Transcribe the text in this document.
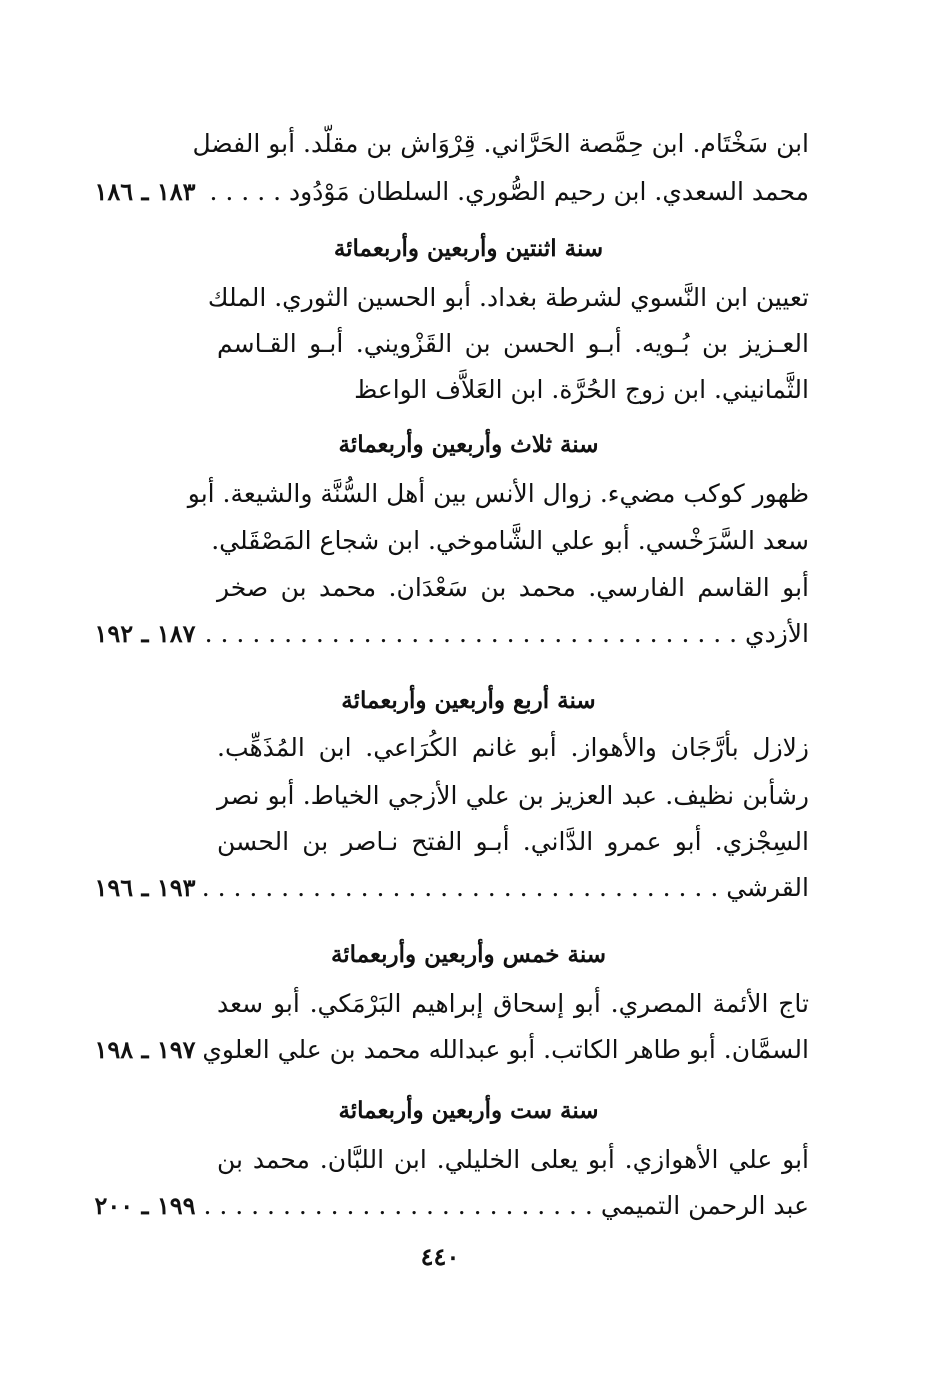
ابن سَخْتَام. ابن حِمَّصة الحَرَّاني. قِرْوَاش بن مقلّد. أبو الفضل
محمد السعدي. ابن رحيم الصُّوري. السلطان مَوْدُود . . . . .
١٨٣ ـ ١٨٦
سنة اثنتين وأربعين وأربعمائة
تعيين ابن النَّسوي لشرطة بغداد. أبو الحسين الثوري. الملك
العـزيز بن بُـويه. أبـو الحسن بن القَزْويني. أبـو القـاسم
الثَّمانيني. ابن زوج الحُرَّة. ابن العَلاَّف الواعظ
سنة ثلاث وأربعين وأربعمائة
ظهور كوكب مضيء. زوال الأنس بين أهل السُّنَّة والشيعة. أبو
سعد السَّرَخْسي. أبو علي الشَّاموخي. ابن شجاع المَصْقَلي.
أبو القاسم الفارسي. محمد بن سَعْدَان. محمد بن صخر
الأزدي . . . . . . . . . . . . . . . . . . . . . . . . . . . . . . . . . .
١٨٧ ـ ١٩٢
سنة أربع وأربعين وأربعمائة
زلازل بأرَّجَان والأهواز. أبو غانم الكُرَاعي. ابن المُذَهِّب.
رشأبن نظيف. عبد العزيز بن علي الأزجي الخياط. أبو نصر
السِجْزي. أبو عمرو الدَّاني. أبـو الفتح نـاصر بن الحسن
القرشي . . . . . . . . . . . . . . . . . . . . . . . . . . . . . . . . .
١٩٣ ـ ١٩٦
سنة خمس وأربعين وأربعمائة
تاج الأئمة المصري. أبو إسحاق إبراهيم البَرْمَكي. أبو سعد
السمَّان. أبو طاهر الكاتب. أبو عبدالله محمد بن علي العلوي
١٩٧ ـ ١٩٨
سنة ست وأربعين وأربعمائة
أبو علي الأهوازي. أبو يعلى الخليلي. ابن اللبَّان. محمد بن
عبد الرحمن التميمي . . . . . . . . . . . . . . . . . . . . . . . . .
١٩٩ ـ ٢٠٠
٤٤٠
